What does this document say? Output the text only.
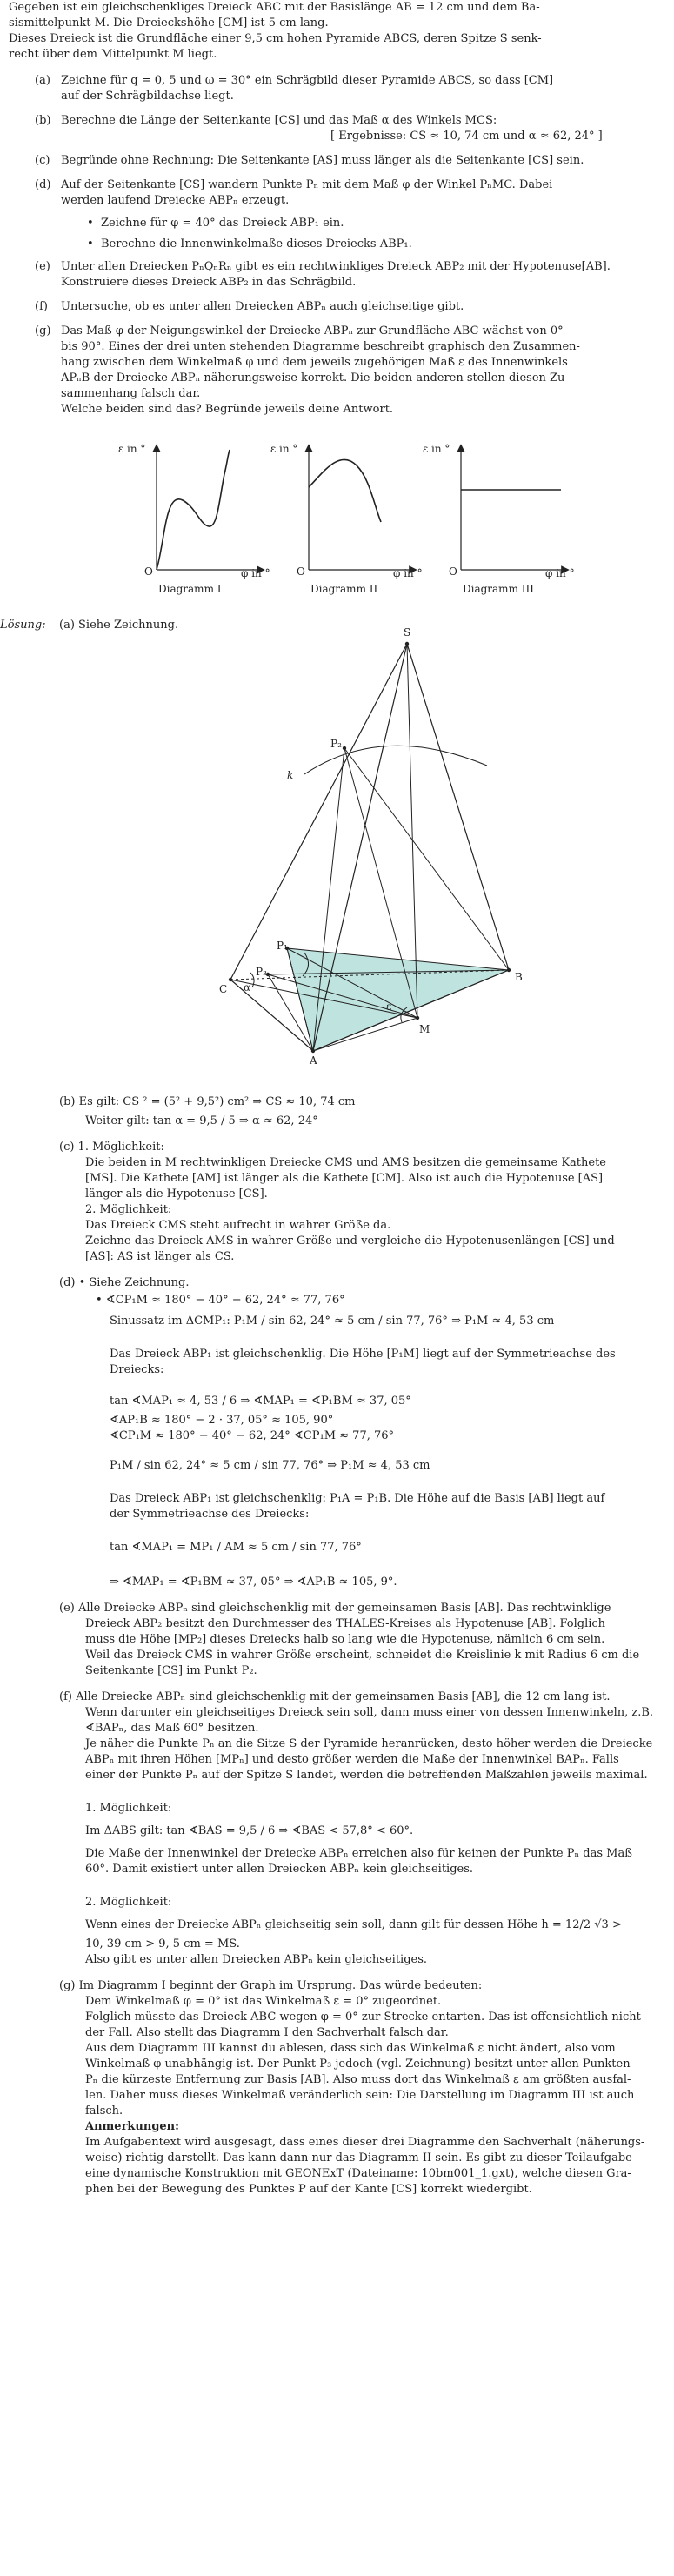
Gegeben ist ein gleichschenkliges Dreieck ABC mit der Basislänge AB = 12 cm und dem Ba-
sismittelpunkt M. Die Dreieckshöhe [CM] ist 5 cm lang.
Dieses Dreieck ist die Grundfläche einer 9,5 cm hohen Pyramide ABCS, deren Spitze S senk-
recht über dem Mittelpunkt M liegt.
(a) Zeichne für q = 0, 5 und ω = 30° ein Schrägbild dieser Pyramide ABCS, so dass [CM]
auf der Schrägbildachse liegt.
(b) Berechne die Länge der Seitenkante [CS] und das Maß α des Winkels MCS:
[ Ergebnisse: CS ≈ 10, 74 cm und α ≈ 62, 24° ]
(c) Begründe ohne Rechnung: Die Seitenkante [AS] muss länger als die Seitenkante [CS] sein.
(d) Auf der Seitenkante [CS] wandern Punkte Pₙ mit dem Maß φ der Winkel PₙMC. Dabei
werden laufend Dreiecke ABPₙ erzeugt.
• Zeichne für φ = 40° das Dreieck ABP₁ ein.
• Berechne die Innenwinkelmaße dieses Dreiecks ABP₁.
(e) Unter allen Dreiecken PₙQₙRₙ gibt es ein rechtwinkliges Dreieck ABP₂ mit der Hypotenuse[AB].
Konstruiere dieses Dreieck ABP₂ in das Schrägbild.
(f) Untersuche, ob es unter allen Dreiecken ABPₙ auch gleichseitige gibt.
(g) Das Maß φ der Neigungswinkel der Dreiecke ABPₙ zur Grundfläche ABC wächst von 0°
bis 90°. Eines der drei unten stehenden Diagramme beschreibt graphisch den Zusammen-
hang zwischen dem Winkelmaß φ und dem jeweils zugehörigen Maß ε des Innenwinkels
APₙB der Dreiecke ABPₙ näherungsweise korrekt. Die beiden anderen stellen diesen Zu-
sammenhang falsch dar.
Welche beiden sind das? Begründe jeweils deine Antwort.
ε in °
φ in °
O
Diagramm I
ε in °
φ in °
O
Diagramm II
ε in °
φ in °
O
Diagramm III
Lösung: (a) Siehe Zeichnung.
S
P₂
k
P₁
P₃	B
C
M
A
α
ε
(b) Es gilt: CS ² = (5² + 9,5²) cm² ⇒ CS ≈ 10, 74 cm
Weiter gilt: tan α = 9,5 / 5 ⇒ α ≈ 62, 24°
(c) 1. Möglichkeit:
Die beiden in M rechtwinkligen Dreiecke CMS und AMS besitzen die gemeinsame Kathete
[MS]. Die Kathete [AM] ist länger als die Kathete [CM]. Also ist auch die Hypotenuse [AS]
länger als die Hypotenuse [CS].
2. Möglichkeit:
Das Dreieck CMS steht aufrecht in wahrer Größe da.
Zeichne das Dreieck AMS in wahrer Größe und vergleiche die Hypotenusenlängen [CS] und
[AS]: AS ist länger als CS.
(d) • Siehe Zeichnung.
• ∢CP₁M ≈ 180° − 40° − 62, 24° ≈ 77, 76°
Sinussatz im ΔCMP₁: P₁M / sin 62, 24° ≈ 5 cm / sin 77, 76° ⇒ P₁M ≈ 4, 53 cm
Das Dreieck ABP₁ ist gleichschenklig. Die Höhe [P₁M] liegt auf der Symmetrieachse des
Dreiecks:
tan ∢MAP₁ ≈ 4, 53 / 6 ⇒ ∢MAP₁ = ∢P₁BM ≈ 37, 05°
∢AP₁B ≈ 180° − 2 · 37, 05° ≈ 105, 90°
∢CP₁M ≈ 180° − 40° − 62, 24° ∢CP₁M ≈ 77, 76°
P₁M / sin 62, 24° ≈ 5 cm / sin 77, 76° ⇒ P₁M ≈ 4, 53 cm
Das Dreieck ABP₁ ist gleichschenklig: P₁A = P₁B. Die Höhe auf die Basis [AB] liegt auf
der Symmetrieachse des Dreiecks:
tan ∢MAP₁ = MP₁ / AM ≈ 5 cm / sin 77, 76°
⇒ ∢MAP₁ = ∢P₁BM ≈ 37, 05° ⇒ ∢AP₁B ≈ 105, 9°.
(e) Alle Dreiecke ABPₙ sind gleichschenklig mit der gemeinsamen Basis [AB]. Das rechtwinklige
Dreieck ABP₂ besitzt den Durchmesser des THALES-Kreises als Hypotenuse [AB]. Folglich
muss die Höhe [MP₂] dieses Dreiecks halb so lang wie die Hypotenuse, nämlich 6 cm sein.
Weil das Dreieck CMS in wahrer Größe erscheint, schneidet die Kreislinie k mit Radius 6 cm die
Seitenkante [CS] im Punkt P₂.
(f) Alle Dreiecke ABPₙ sind gleichschenklig mit der gemeinsamen Basis [AB], die 12 cm lang ist.
Wenn darunter ein gleichseitiges Dreieck sein soll, dann muss einer von dessen Innenwinkeln, z.B.
∢BAPₙ, das Maß 60° besitzen.
Je näher die Punkte Pₙ an die Sitze S der Pyramide heranrücken, desto höher werden die Dreiecke
ABPₙ mit ihren Höhen [MPₙ] und desto größer werden die Maße der Innenwinkel BAPₙ. Falls
einer der Punkte Pₙ auf der Spitze S landet, werden die betreffenden Maßzahlen jeweils maximal.
1. Möglichkeit:
Im ΔABS gilt: tan ∢BAS = 9,5 / 6 ⇒ ∢BAS < 57,8° < 60°.
Die Maße der Innenwinkel der Dreiecke ABPₙ erreichen also für keinen der Punkte Pₙ das Maß
60°. Damit existiert unter allen Dreiecken ABPₙ kein gleichseitiges.
2. Möglichkeit:
Wenn eines der Dreiecke ABPₙ gleichseitig sein soll, dann gilt für dessen Höhe h = 12/2 √3 >
10, 39 cm > 9, 5 cm = MS.
Also gibt es unter allen Dreiecken ABPₙ kein gleichseitiges.
(g) Im Diagramm I beginnt der Graph im Ursprung. Das würde bedeuten:
Dem Winkelmaß φ = 0° ist das Winkelmaß ε = 0° zugeordnet.
Folglich müsste das Dreieck ABC wegen φ = 0° zur Strecke entarten. Das ist offensichtlich nicht
der Fall. Also stellt das Diagramm I den Sachverhalt falsch dar.
Aus dem Diagramm III kannst du ablesen, dass sich das Winkelmaß ε nicht ändert, also vom
Winkelmaß φ unabhängig ist. Der Punkt P₃ jedoch (vgl. Zeichnung) besitzt unter allen Punkten
Pₙ die kürzeste Entfernung zur Basis [AB]. Also muss dort das Winkelmaß ε am größten ausfal-
len. Daher muss dieses Winkelmaß veränderlich sein: Die Darstellung im Diagramm III ist auch
falsch.
Anmerkungen:
Im Aufgabentext wird ausgesagt, dass eines dieser drei Diagramme den Sachverhalt (näherungs-
weise) richtig darstellt. Das kann dann nur das Diagramm II sein. Es gibt zu dieser Teilaufgabe
eine dynamische Konstruktion mit GEONExT (Dateiname: 10bm001_1.gxt), welche diesen Gra-
phen bei der Bewegung des Punktes P auf der Kante [CS] korrekt wiedergibt.
